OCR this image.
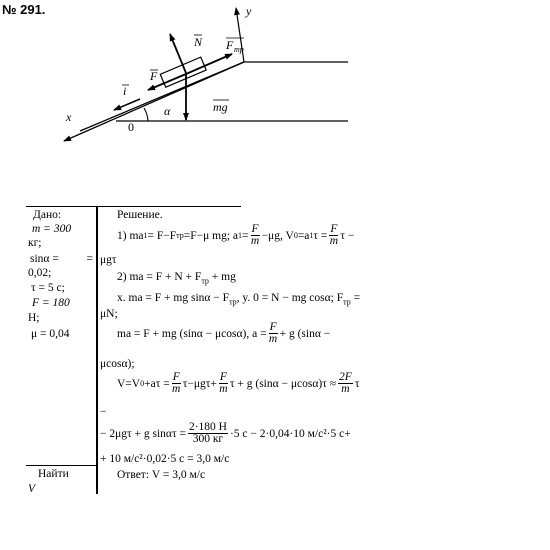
№ 291.	y
N F тр
F
i
α	mg
x
0
Дано:
m = 300
кг;
sinα = =
0,02;
τ = 5 с;
F = 180
Н;
μ = 0,04
Найти
V
Решение.
1) ma 1 = F−F тр =F−μ mg; a $1 = \frac{F}{m} -\mu g$, V 0 =a 1 $\tau = \frac{F}{m}$ τ −
μgτ
2) ma = $F + N + F_{тр}$ + mg
x. ma = F + mg $\sin\alpha - F_{тр}$, y. 0 = N − mg cosα; $F_{тр}$ =
μN;
ma = F + mg (sinα − μcosα), $a = \frac{F}{m} + g$ (sinα −
μcosα);
V=V $0 +a\tau = \frac{F}{m} \tau-\mu g\tau+ \frac{F}{m}$ τ + g $(\sin\alpha - \mu\cos\alpha)\tau \approx \frac{2F}{m}$ τ
−
− 2μgτ + g $\sin\alpha\tau = \frac{2\cdot 180 Н}{300 кг} \cdot 5$ с − 2·0,04·10 м/с²·5 с+
+ 10 м/с²·0,02·5 с = 3,0 м/с
Ответ: V = 3,0 м/с
